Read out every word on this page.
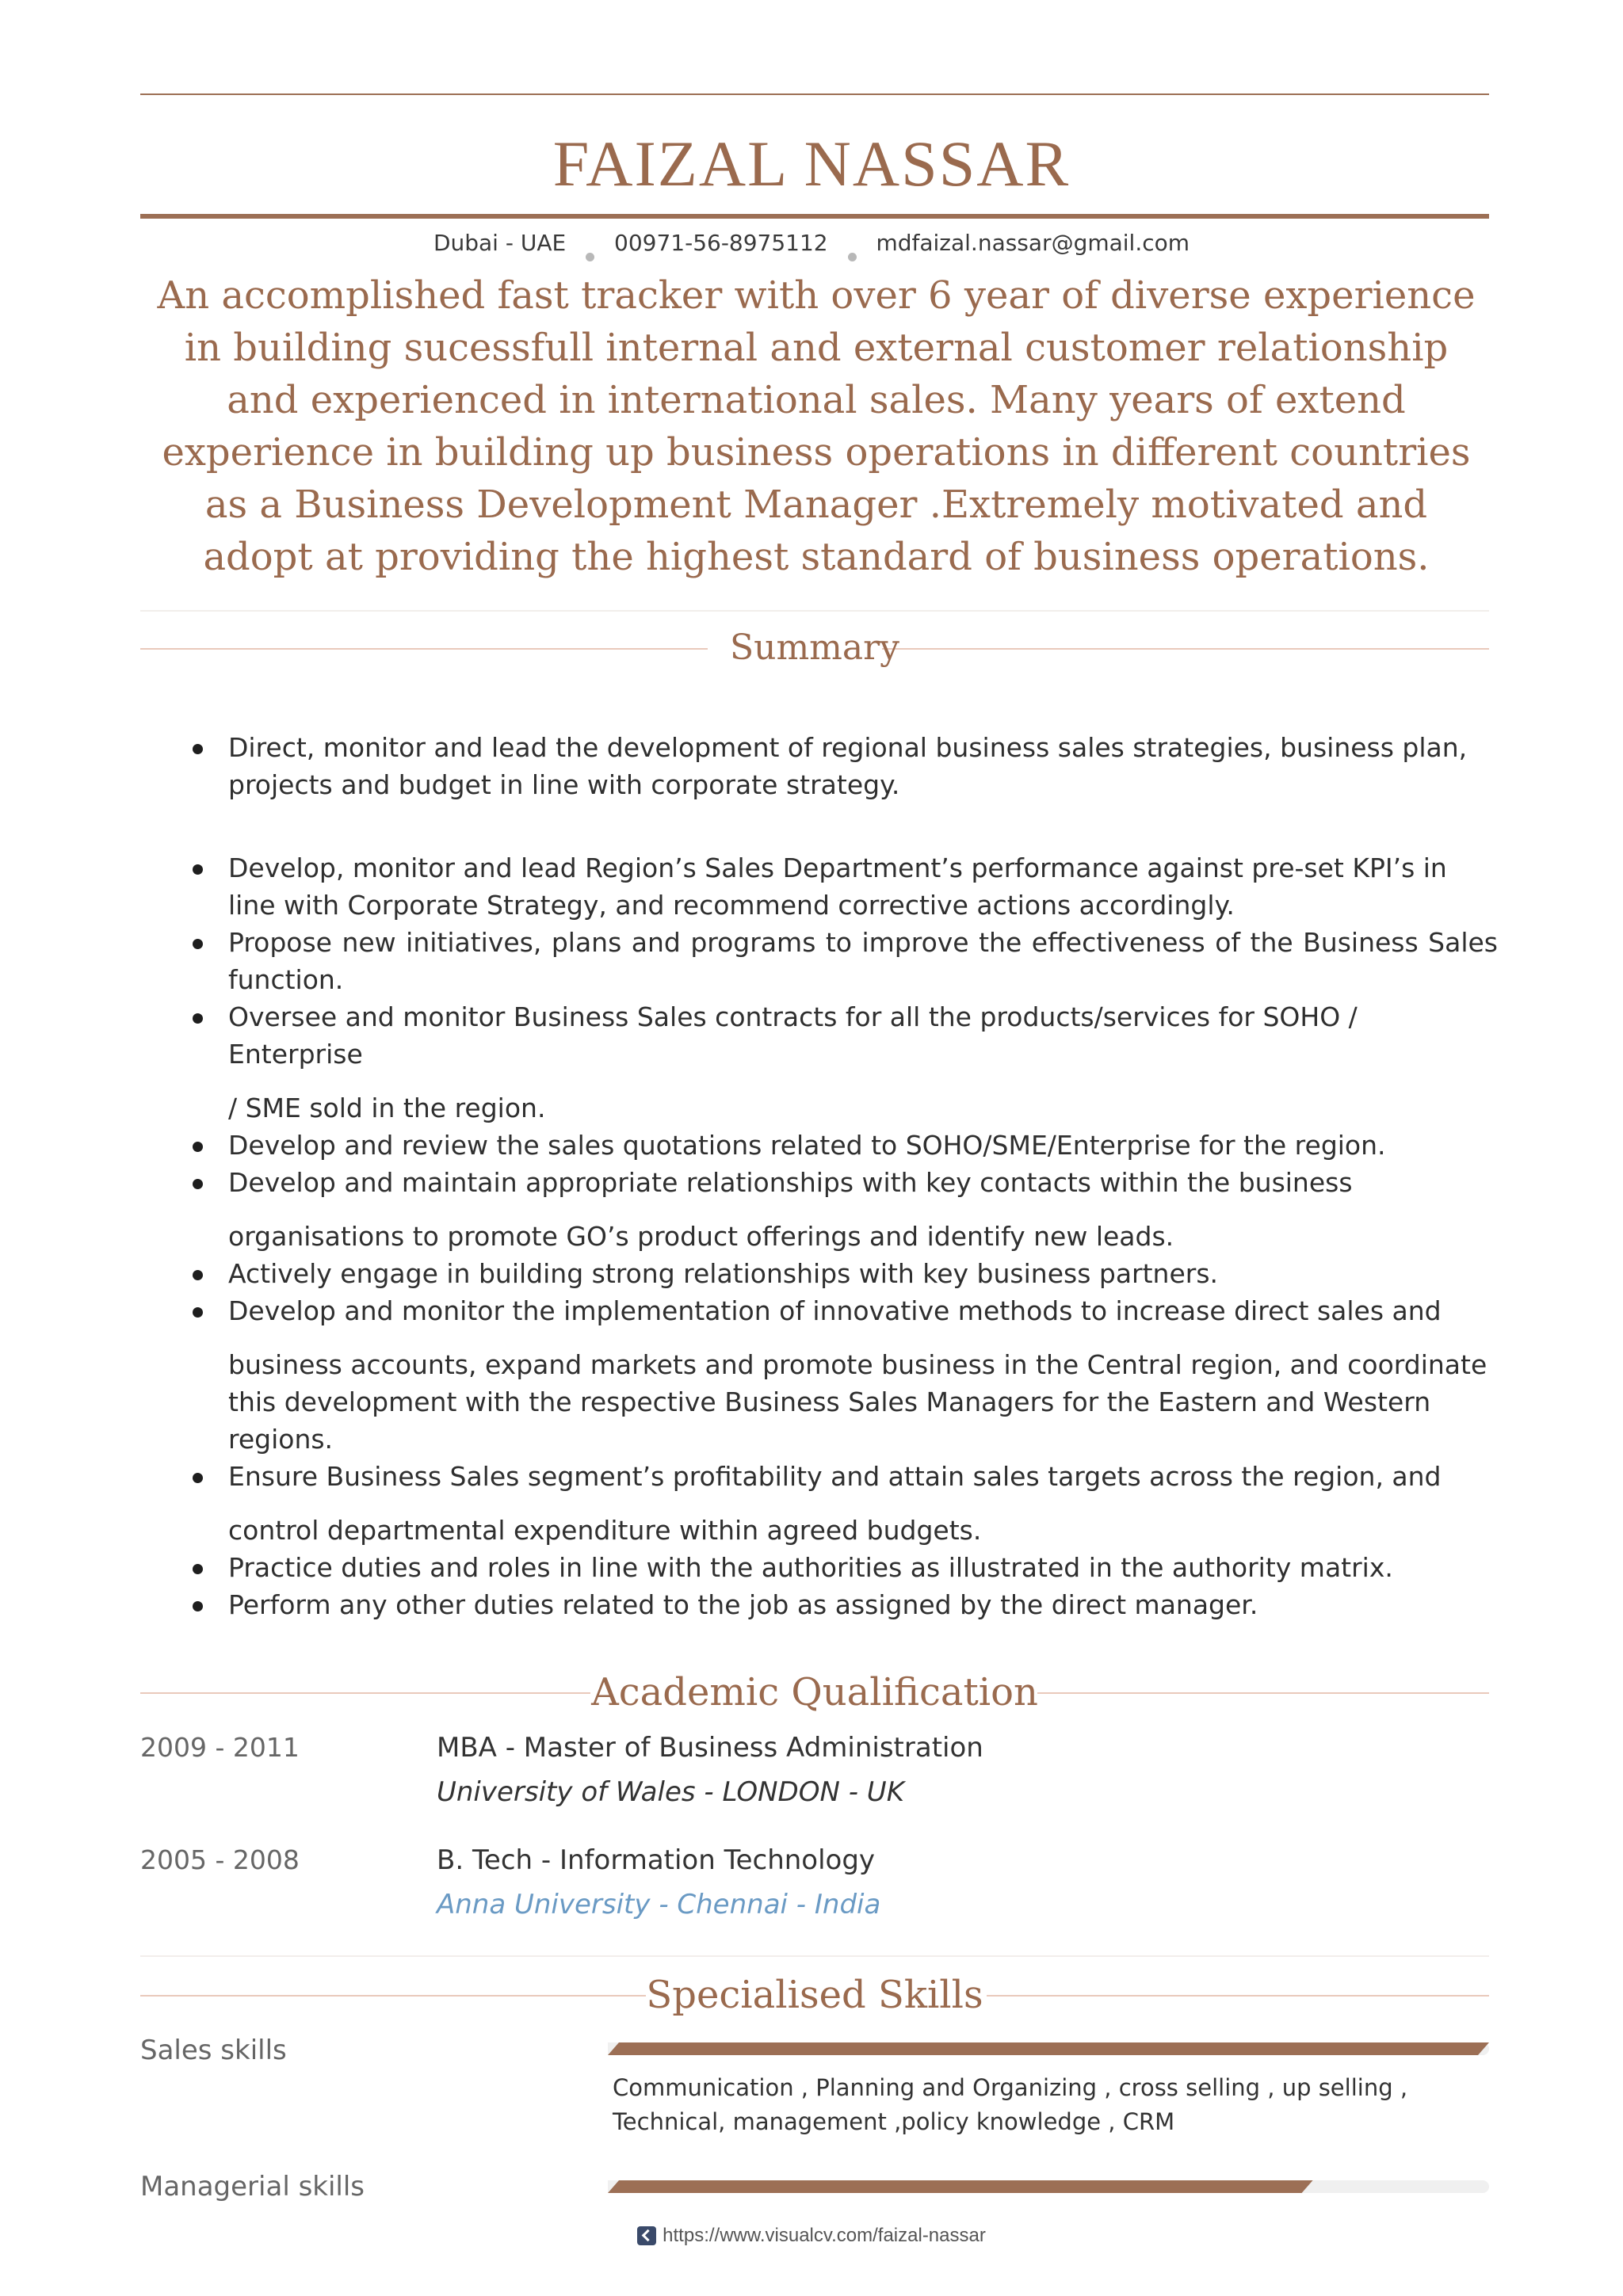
FAIZAL NASSAR
Dubai - UAE 00971-56-8975112 mdfaizal.nassar@gmail.com
An accomplished fast tracker with over 6 year of diverse experience in building sucessfull internal and external customer relationship and experienced in international sales. Many years of extend experience in building up business operations in different countries as a Business Development Manager .Extremely motivated and adopt at providing the highest standard of business operations.
Summary
Direct, monitor and lead the development of regional business sales strategies, business plan, projects and budget in line with corporate strategy.
Develop, monitor and lead Region’s Sales Department’s performance against pre-set KPI’s in line with Corporate Strategy, and recommend corrective actions accordingly.
Propose new initiatives, plans and programs to improve the effectiveness of the Business Sales function.
Oversee and monitor Business Sales contracts for all the products/services for SOHO / Enterprise
/ SME sold in the region.
Develop and review the sales quotations related to SOHO/SME/Enterprise for the region.
Develop and maintain appropriate relationships with key contacts within the business
organisations to promote GO’s product offerings and identify new leads.
Actively engage in building strong relationships with key business partners.
Develop and monitor the implementation of innovative methods to increase direct sales and
business accounts, expand markets and promote business in the Central region, and coordinate this development with the respective Business Sales Managers for the Eastern and Western regions.
Ensure Business Sales segment’s profitability and attain sales targets across the region, and
control departmental expenditure within agreed budgets.
Practice duties and roles in line with the authorities as illustrated in the authority matrix.
Perform any other duties related to the job as assigned by the direct manager.
Academic Qualification
2009 - 2011	MBA - Master of Business Administration
University of Wales - LONDON - UK
2005 - 2008	B. Tech - Information Technology
Anna University - Chennai - India
Specialised Skills
Sales skills
Communication , Planning and Organizing , cross selling , up selling , Technical, management ,policy knowledge , CRM
Managerial skills
https://www.visualcv.com/faizal-nassar
